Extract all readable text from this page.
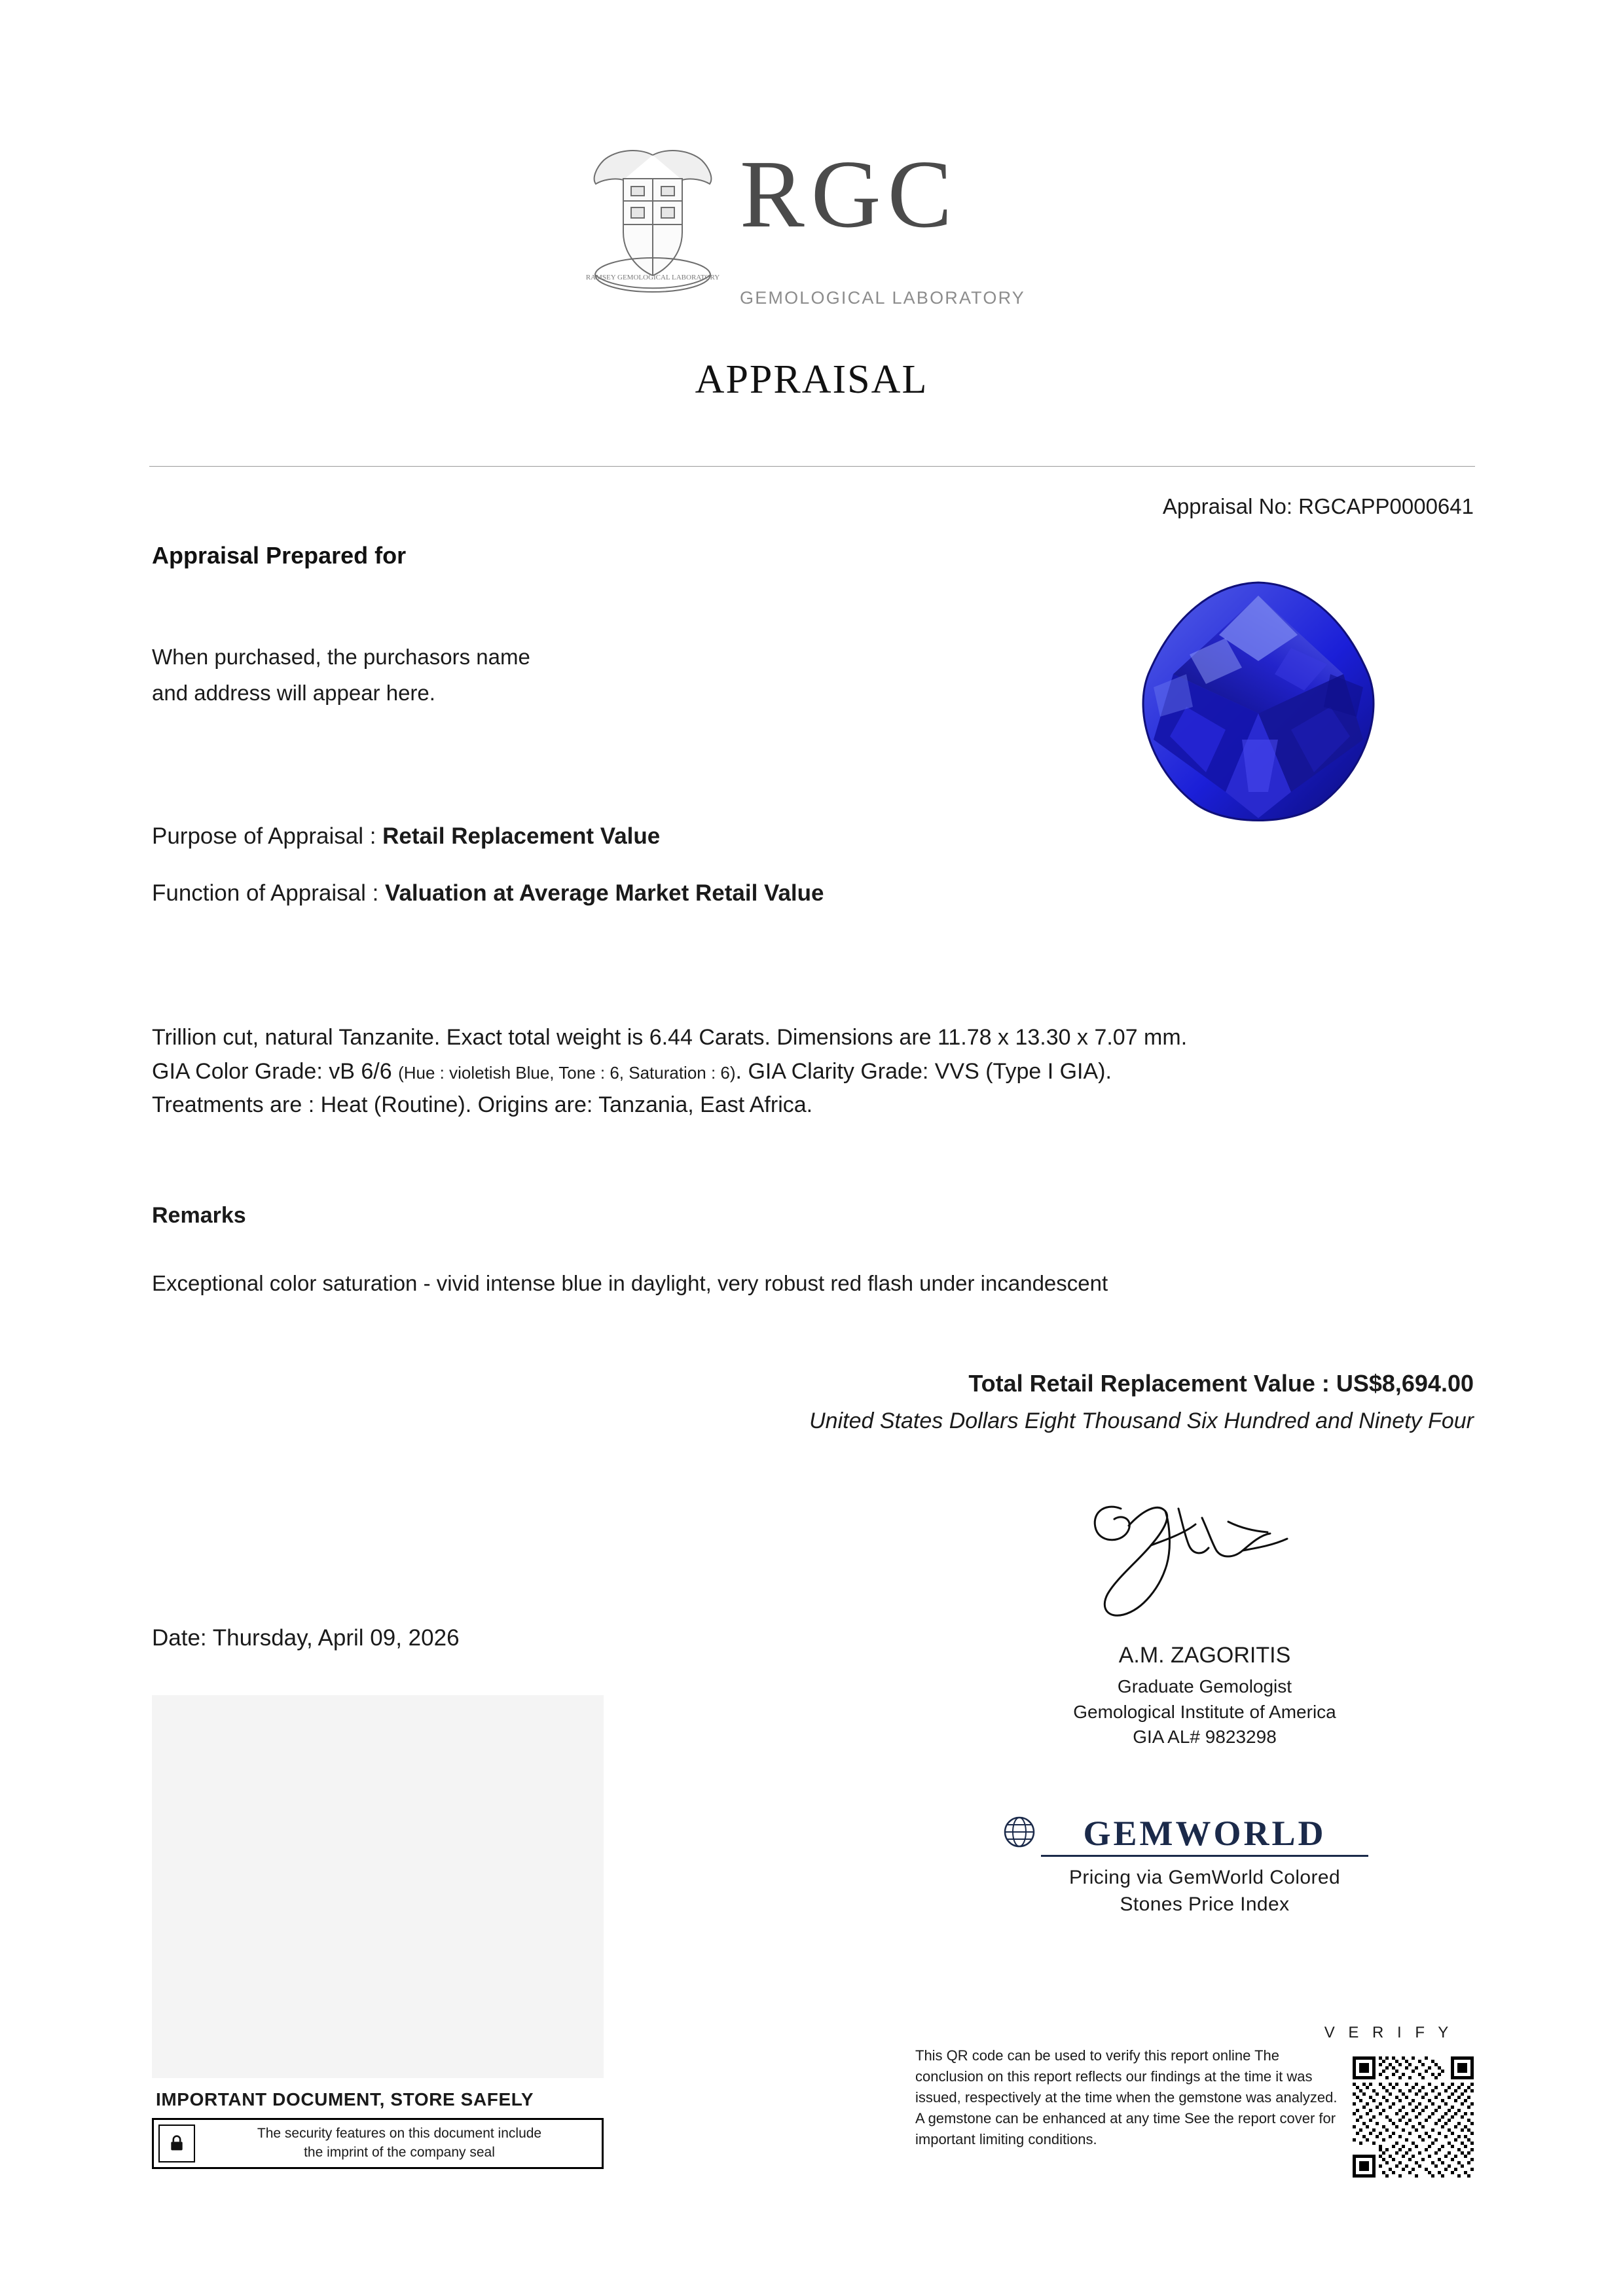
RAMSEY GEMOLOGICAL LABORATORY
RGC
GEMOLOGICAL LABORATORY
APPRAISAL
Appraisal No: RGCAPP0000641
Appraisal Prepared for
When purchased, the purchasors name
and address will appear here.
Purpose of Appraisal : Retail Replacement Value
Function of Appraisal : Valuation at Average Market Retail Value
Trillion cut, natural Tanzanite. Exact total weight is 6.44 Carats. Dimensions are 11.78 x 13.30 x 7.07 mm.
GIA Color Grade: vB 6/6 (Hue : violetish Blue, Tone : 6, Saturation : 6). GIA Clarity Grade: VVS (Type I GIA).
Treatments are : Heat (Routine). Origins are: Tanzania, East Africa.
Remarks
Exceptional color saturation - vivid intense blue in daylight, very robust red flash under incandescent
Total Retail Replacement Value : US$8,694.00
United States Dollars Eight Thousand Six Hundred and Ninety Four
A.M. ZAGORITIS
Graduate Gemologist
Gemological Institute of America
GIA AL# 9823298
Date: Thursday, April 09, 2026
GEMWORLD
Pricing via GemWorld Colored
Stones Price Index
IMPORTANT DOCUMENT, STORE SAFELY
The security features on this document include
the imprint of the company seal
V E R I F Y
This QR code can be used to verify this report online The conclusion on this report reflects our findings at the time it was issued, respectively at the time when the gemstone was analyzed. A gemstone can be enhanced at any time See the report cover for important limiting conditions.
